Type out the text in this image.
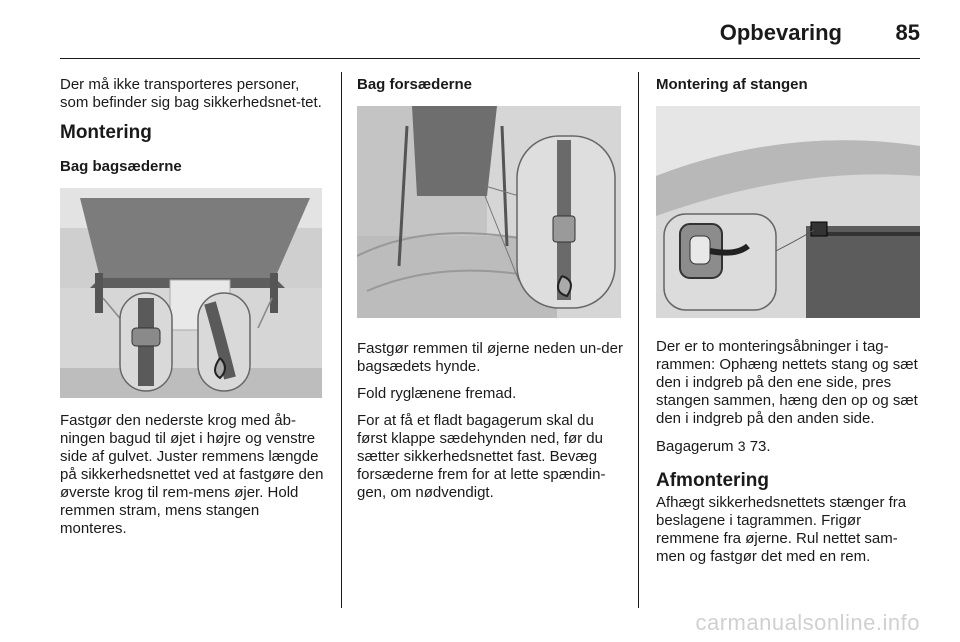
Opbevaring 85

Der må ikke transporteres personer, som befinder sig bag sikkerhedsnet-tet.

Montering
Bag bagsæderne

Fastgør den nederste krog med åb-ningen bagud til øjet i højre og venstre side af gulvet. Juster remmens længde på sikkerhedsnettet ved at fastgøre den øverste krog til rem-mens øjer. Hold remmen stram, mens stangen monteres.

Bag forsæderne

Fastgør remmen til øjerne neden un-der bagsædets hynde.

Fold ryglænene fremad.

For at få et fladt bagagerum skal du først klappe sædehynden ned, før du sætter sikkerhedsnettet fast. Bevæg forsæderne frem for at lette spændin-gen, om nødvendigt.

Montering af stangen

Der er to monteringsåbninger i tag-rammen: Ophæng nettets stang og sæt den i indgreb på den ene side, pres stangen sammen, hæng den op og sæt den i indgreb på den anden side.

Bagagerum 3 73.

Afmontering

Afhægt sikkerhedsnettets stænger fra beslagene i tagrammen. Frigør remmene fra øjerne. Rul nettet sam-men og fastgør det med en rem.

carmanualsonline.info
